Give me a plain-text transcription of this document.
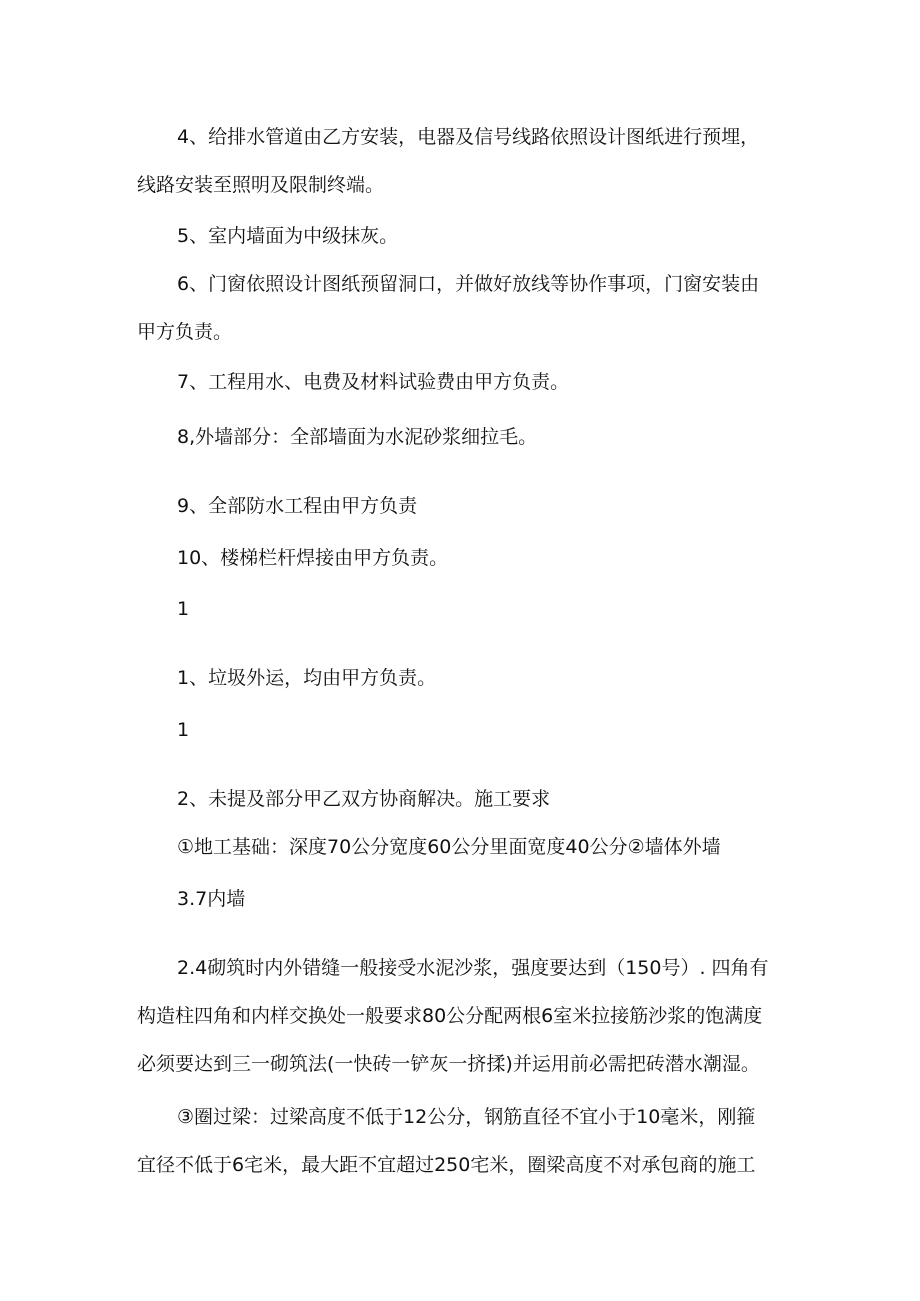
4、给排水管道由乙方安装，电器及信号线路依照设计图纸进行预埋，
线路安装至照明及限制终端。
5、室内墙面为中级抹灰。
6、门窗依照设计图纸预留洞口，并做好放线等协作事项，门窗安装由
甲方负责。
7、工程用水、电费及材料试验费由甲方负责。
8,外墙部分：全部墙面为水泥砂浆细拉毛。
9、全部防水工程由甲方负责
10、楼梯栏杆焊接由甲方负责。
1
1、垃圾外运，均由甲方负责。
1
2、未提及部分甲乙双方协商解决。施工要求
①地工基础：深度70公分宽度60公分里面宽度40公分②墙体外墙
3.7内墙
2.4砌筑时内外错缝一般接受水泥沙浆，强度要达到（150号）. 四角有
构造柱四角和内样交换处一般要求80公分配两根6室米拉接筋沙浆的饱满度
必须要达到三一砌筑法(一快砖一铲灰一挤揉)并运用前必需把砖潜水潮湿。
③圈过梁：过梁高度不低于12公分，钢筋直径不宜小于10毫米，刚箍
宜径不低于6宅米，最大距不宜超过250宅米，圈梁高度不对承包商的施工
